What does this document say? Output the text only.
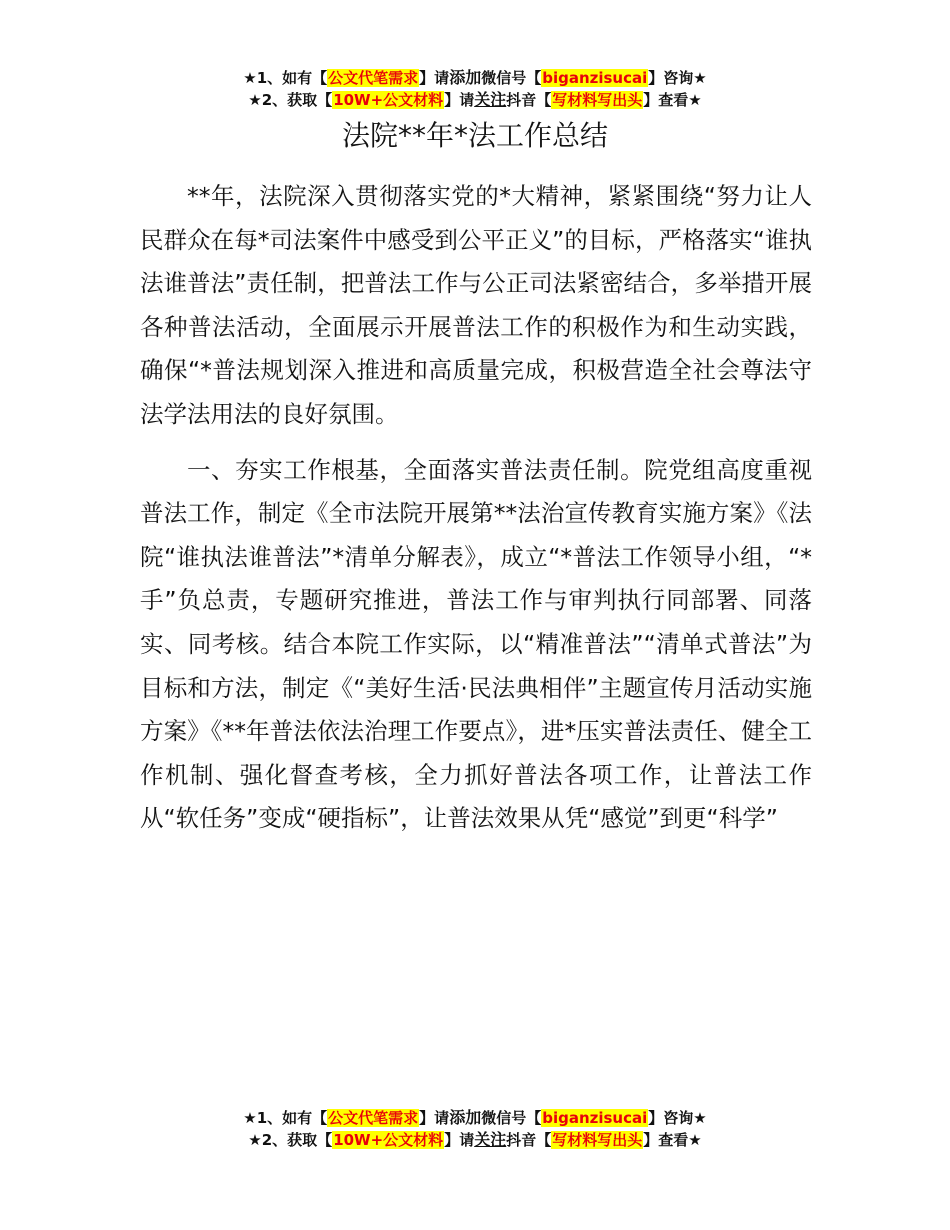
★1、如有【公文代笔需求】请添加微信号【biganzisucai】咨询★
★2、获取【10W+公文材料】请关注抖音【写材料写出头】查看★
法院**年*法工作总结

**年，法院深入贯彻落实党的*大精神，紧紧围绕“努力让人民群众在每*司法案件中感受到公平正义”的目标，严格落实“谁执法谁普法”责任制，把普法工作与公正司法紧密结合，多举措开展各种普法活动，全面展示开展普法工作的积极作为和生动实践，确保“*普法规划深入推进和高质量完成，积极营造全社会尊法守法学法用法的良好氛围。

一、夯实工作根基，全面落实普法责任制。院党组高度重视普法工作，制定《全市法院开展第**法治宣传教育实施方案》《法院“谁执法谁普法”*清单分解表》，成立“*普法工作领导小组，“*手”负总责，专题研究推进，普法工作与审判执行同部署、同落实、同考核。结合本院工作实际，以“精准普法”“清单式普法”为目标和方法，制定《“美好生活·民法典相伴”主题宣传月活动实施方案》《**年普法依法治理工作要点》，进*压实普法责任、健全工作机制、强化督查考核，全力抓好普法各项工作，让普法工作从“软任务”变成“硬指标”，让普法效果从凭“感觉”到更“科学”

★1、如有【公文代笔需求】请添加微信号【biganzisucai】咨询★
★2、获取【10W+公文材料】请关注抖音【写材料写出头】查看★
